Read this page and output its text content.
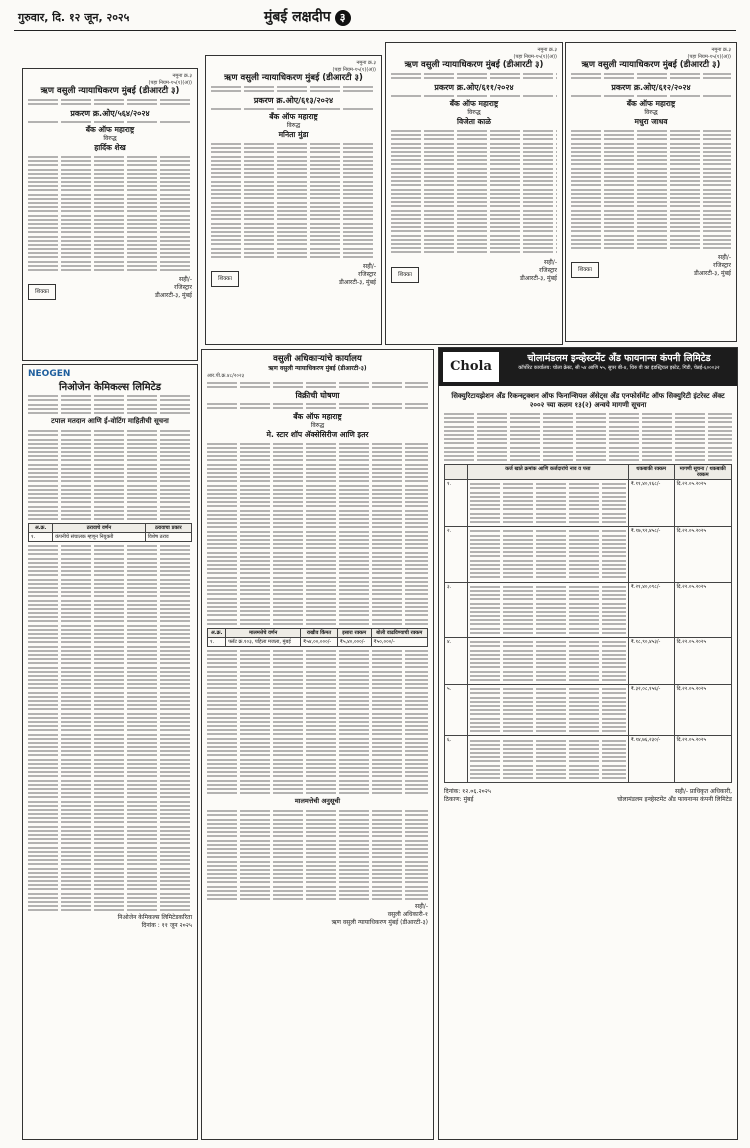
गुरुवार, दि. १२ जून, २०२५	मुंबई लक्षदीप ३
नमुना क्र.३
(पहा नियम-१५(१)(अ))
ऋण वसुली न्यायाधिकरण मुंबई (डीआरटी ३)
प्रकरण क्र.ओए/५६४/२०२४
बँक ऑफ महाराष्ट्र
विरुद्ध
हार्दिक शेख
शिक्का
सही/-
रजिस्ट्रार
डीआरटी-३, मुंबई
नमुना क्र.३
(पहा नियम-१५(१)(अ))
ऋण वसुली न्यायाधिकरण मुंबई (डीआरटी ३)
प्रकरण क्र.ओए/६१३/२०२४
बँक ऑफ महाराष्ट्र
विरुद्ध
मनिता मुंडा
शिक्का
सही/-
रजिस्ट्रार
डीआरटी-३, मुंबई
नमुना क्र.३
(पहा नियम-१५(१)(अ))
ऋण वसुली न्यायाधिकरण मुंबई (डीआरटी ३)
प्रकरण क्र.ओए/६११/२०२४
बँक ऑफ महाराष्ट्र
विरुद्ध
विजेता काळे
शिक्का
सही/-
रजिस्ट्रार
डीआरटी-३, मुंबई
नमुना क्र.३
(पहा नियम-१५(१)(अ))
ऋण वसुली न्यायाधिकरण मुंबई (डीआरटी ३)
प्रकरण क्र.ओए/६१२/२०२४
बँक ऑफ महाराष्ट्र
विरुद्ध
मधुरा जाधव
शिक्का
सही/-
रजिस्ट्रार
डीआरटी-३, मुंबई
NEOGEN
निओजेन केमिकल्स लिमिटेड
टपाल मतदान आणि ई-वोटिंग माहितीची सूचना
अ.क्र.	ठरावाचे वर्णन	ठरावाचा प्रकार
१.	कंपनीचे संचालक म्हणून नियुक्ती	विशेष ठराव
निओजेन केमिकल्स लिमिटेडकरिता
दिनांक : ११ जून २०२५
वसुली अधिकाऱ्यांचे कार्यालय
ऋण वसुली न्यायाधिकरण मुंबई (डीआरटी-३)
आर.पी.क्र.४८/२०२३
विक्रीची घोषणा
बँक ऑफ महाराष्ट्र
विरुद्ध
मे. स्टार शॉप ॲक्सेसिरीज आणि इतर
अ.क्र.	मालमत्तेचे वर्णन	राखीव किंमत	इसारा रक्कम	बोली वाढविण्याची रक्कम
१.	फ्लॅट क्र.१०३, पहिला मजला, मुंबई	₹५४,००,०००/-	₹५,४०,०००/-	₹५०,०००/-
मालमत्तेची अनुसूची
सही/-
वसुली अधिकारी-१
ऋण वसुली न्यायाधिकरण मुंबई (डीआरटी-३)
Chola
चोलामंडलम इन्व्हेस्टमेंट अँड फायनान्स कंपनी लिमिटेड
कॉर्पोरेट कार्यालय: चोला क्रेस्ट, सी ५४ आणि ५५, सुपर बी-४, थिरु वी का इंडस्ट्रियल इस्टेट, गिंडी, चेन्नई-६०००३२
सिक्युरिटायझेशन अँड रिकन्स्ट्रक्शन ऑफ फिनान्शियल ॲसेट्स अँड एनफोर्समेंट ऑफ सिक्युरिटी इंटरेस्ट ॲक्ट २००२ च्या कलम १३(२) अन्वये मागणी सूचना
	कर्ज खाते क्रमांक आणि कर्जदारांचे नाव व पत्ता	थकबाकी रक्कम	मागणी सूचना / थकबाकी रक्कम
१.		₹.११,४०,१६८/-	दि.२२.०५.२०२५
२.		₹.१७,९२,४५८/-	दि.२२.०५.२०२५
३.		₹.२१,४०,०९८/-	दि.२२.०५.२०२५
४.		₹.१८,९०,४५३/-	दि.२२.०५.२०२५
५.		₹.३२,०८,१५६/-	दि.२२.०५.२०२५
६.		₹.१४,७६,२३०/-	दि.२२.०५.२०२५
दिनांक: १२.०६.२०२५
ठिकाण: मुंबई
सही/- प्राधिकृत अधिकारी,
चोलामंडलम इन्व्हेस्टमेंट अँड फायनान्स कंपनी लिमिटेड
